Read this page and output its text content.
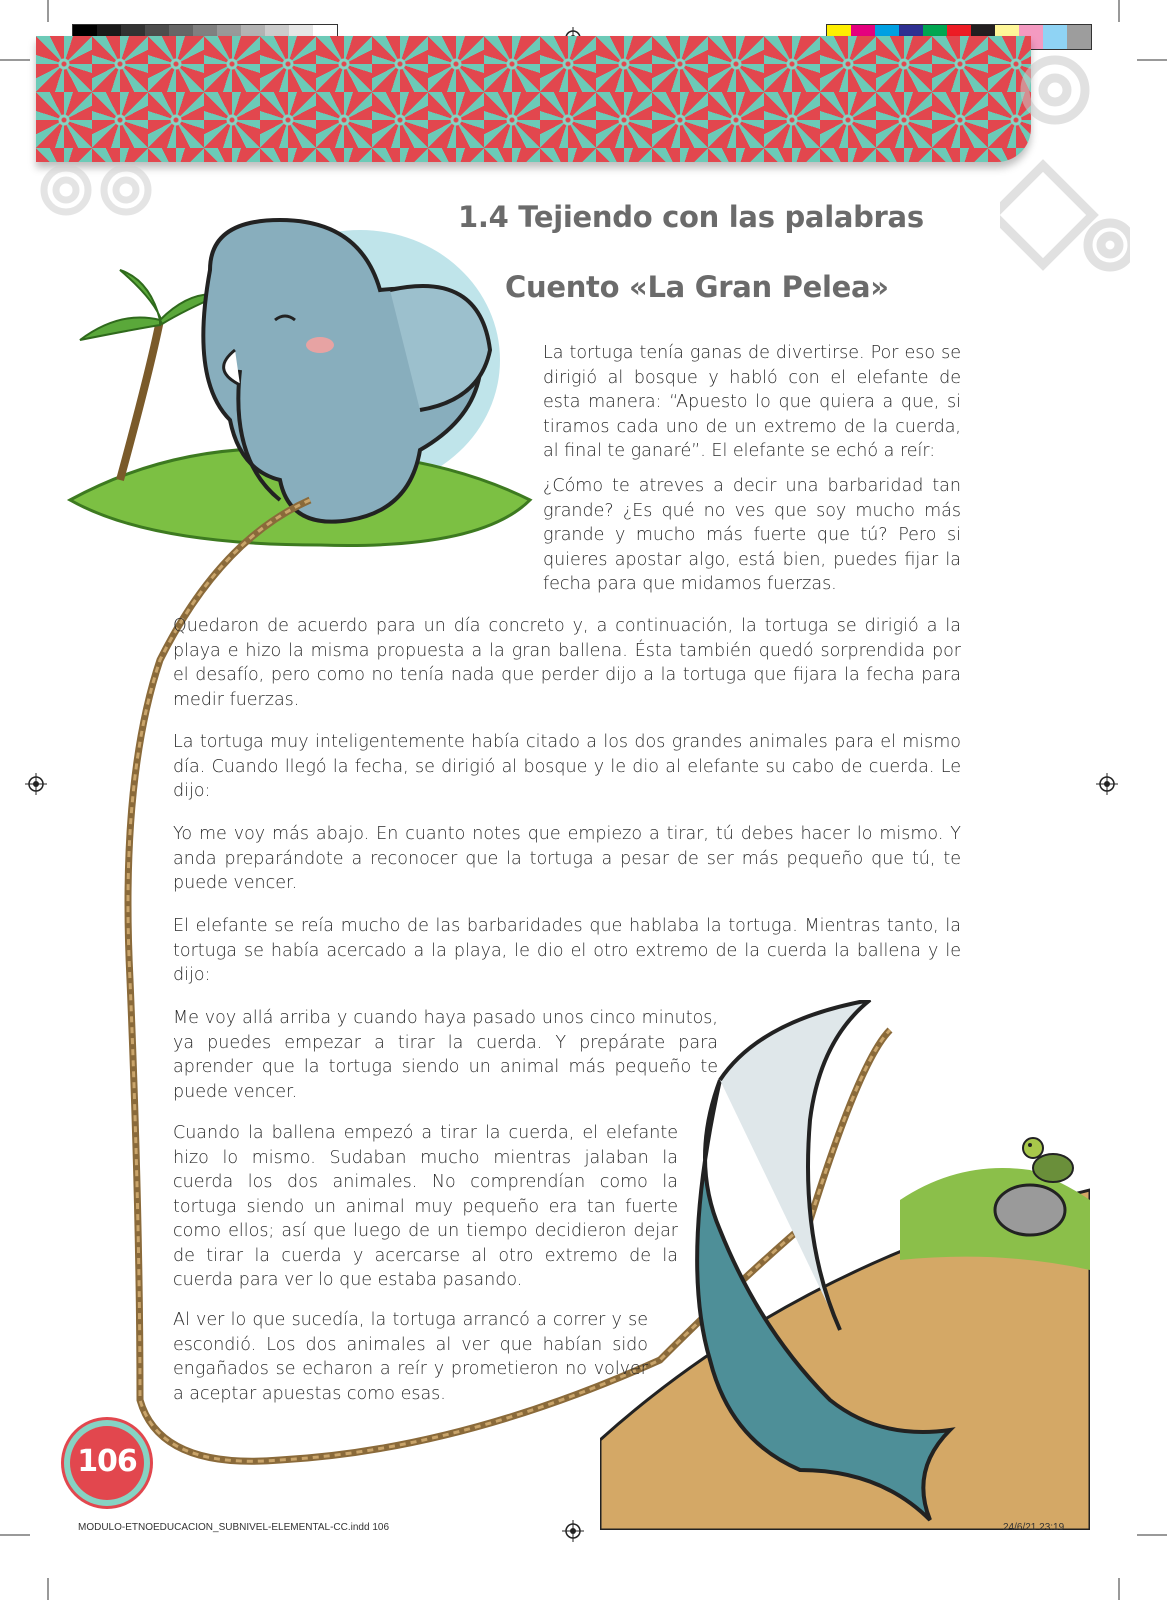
1.4 Tejiendo con las palabras
Cuento «La Gran Pelea»

La tortuga tenía ganas de divertirse. Por eso se dirigió al bosque y habló con el elefante de esta manera: “Apuesto lo que quiera a que, si tiramos cada uno de un extremo de la cuerda, al final te ganaré”. El elefante se echó a reír:

¿Cómo te atreves a decir una barbaridad tan grande? ¿Es qué no ves que soy mucho más grande y mucho más fuerte que tú? Pero si quieres apostar algo, está bien, puedes fijar la fecha para que midamos fuerzas.

Quedaron de acuerdo para un día concreto y, a continuación, la tortuga se dirigió a la playa e hizo la misma propuesta a la gran ballena. Ésta también quedó sorprendida por el desafío, pero como no tenía nada que perder dijo a la tortuga que fijara la fecha para medir fuerzas.

La tortuga muy inteligentemente había citado a los dos grandes animales para el mismo día. Cuando llegó la fecha, se dirigió al bosque y le dio al elefante su cabo de cuerda. Le dijo:

Yo me voy más abajo. En cuanto notes que empiezo a tirar, tú debes hacer lo mismo. Y anda preparándote a reconocer que la tortuga a pesar de ser más pequeño que tú, te puede vencer.

El elefante se reía mucho de las barbaridades que hablaba la tortuga. Mientras tanto, la tortuga se había acercado a la playa, le dio el otro extremo de la cuerda la ballena y le dijo:

Me voy allá arriba y cuando haya pasado unos cinco minutos, ya puedes empezar a tirar la cuerda. Y prepárate para aprender que la tortuga siendo un animal más pequeño te puede vencer.

Cuando la ballena empezó a tirar la cuerda, el elefante hizo lo mismo. Sudaban mucho mientras jalaban la cuerda los dos animales. No comprendían como la tortuga siendo un animal muy pequeño era tan fuerte como ellos; así que luego de un tiempo decidieron dejar de tirar la cuerda y acercarse al otro extremo de la cuerda para ver lo que estaba pasando.

Al ver lo que sucedía, la tortuga arrancó a correr y se escondió. Los dos animales al ver que habían sido engañados se echaron a reír y prometieron no volver a aceptar apuestas como esas.

106
MODULO-ETNOEDUCACION_SUBNIVEL-ELEMENTAL-CC.indd 106	24/6/21 23:19
